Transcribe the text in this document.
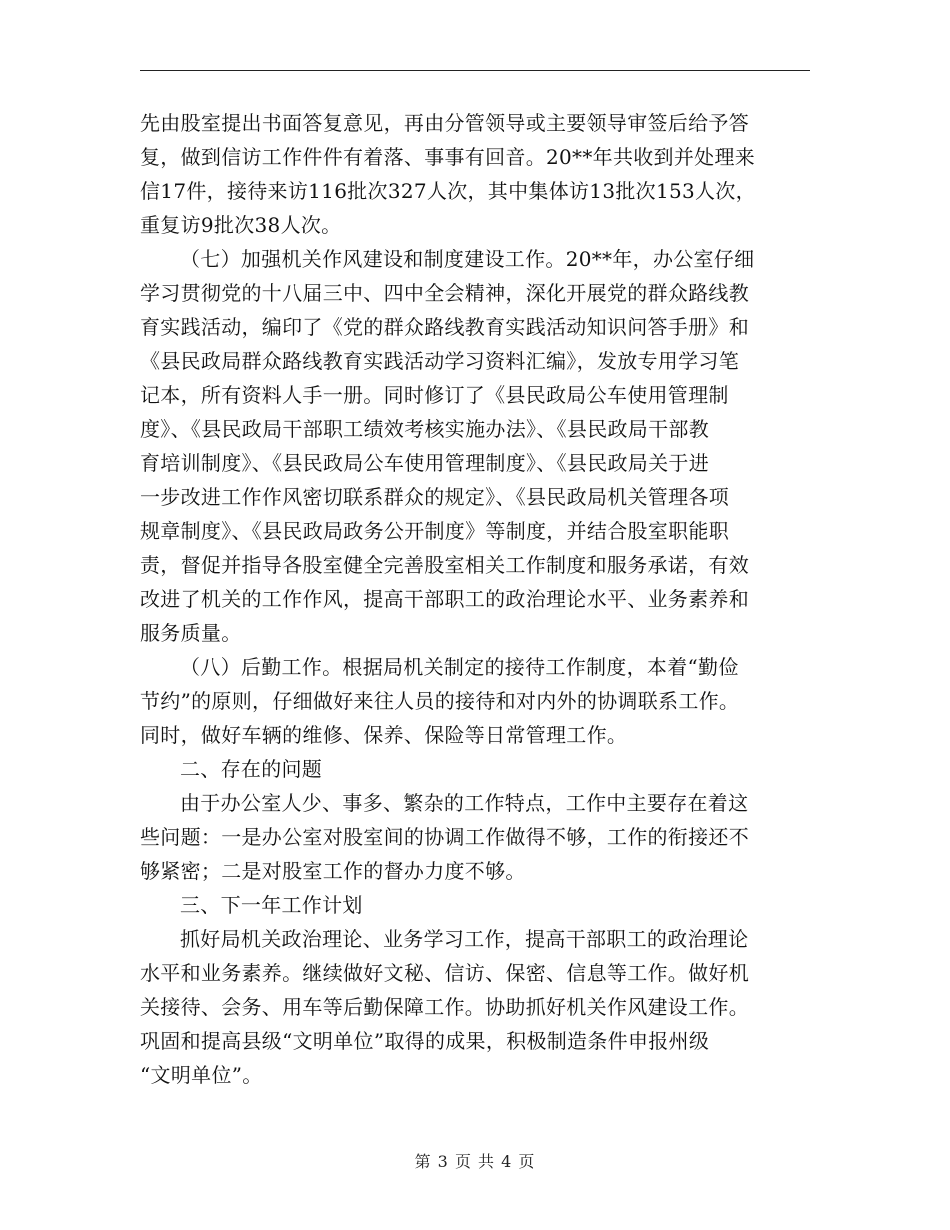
先由股室提出书面答复意见，再由分管领导或主要领导审签后给予答
复，做到信访工作件件有着落、事事有回音。20**年共收到并处理来
信17件，接待来访116批次327人次，其中集体访13批次153人次，
重复访9批次38人次。
（七）加强机关作风建设和制度建设工作。20**年，办公室仔细
学习贯彻党的十八届三中、四中全会精神，深化开展党的群众路线教
育实践活动，编印了《党的群众路线教育实践活动知识问答手册》和
《县民政局群众路线教育实践活动学习资料汇编》，发放专用学习笔
记本，所有资料人手一册。同时修订了《县民政局公车使用管理制
度》、《县民政局干部职工绩效考核实施办法》、《县民政局干部教
育培训制度》、《县民政局公车使用管理制度》、《县民政局关于进
一步改进工作作风密切联系群众的规定》、《县民政局机关管理各项
规章制度》、《县民政局政务公开制度》等制度，并结合股室职能职
责，督促并指导各股室健全完善股室相关工作制度和服务承诺，有效
改进了机关的工作作风，提高干部职工的政治理论水平、业务素养和
服务质量。
（八）后勤工作。根据局机关制定的接待工作制度，本着“勤俭
节约”的原则，仔细做好来往人员的接待和对内外的协调联系工作。
同时，做好车辆的维修、保养、保险等日常管理工作。
二、存在的问题
由于办公室人少、事多、繁杂的工作特点，工作中主要存在着这
些问题：一是办公室对股室间的协调工作做得不够，工作的衔接还不
够紧密；二是对股室工作的督办力度不够。
三、下一年工作计划
抓好局机关政治理论、业务学习工作，提高干部职工的政治理论
水平和业务素养。继续做好文秘、信访、保密、信息等工作。做好机
关接待、会务、用车等后勤保障工作。协助抓好机关作风建设工作。
巩固和提高县级“文明单位”取得的成果，积极制造条件申报州级
“文明单位”。
第 3 页 共 4 页
